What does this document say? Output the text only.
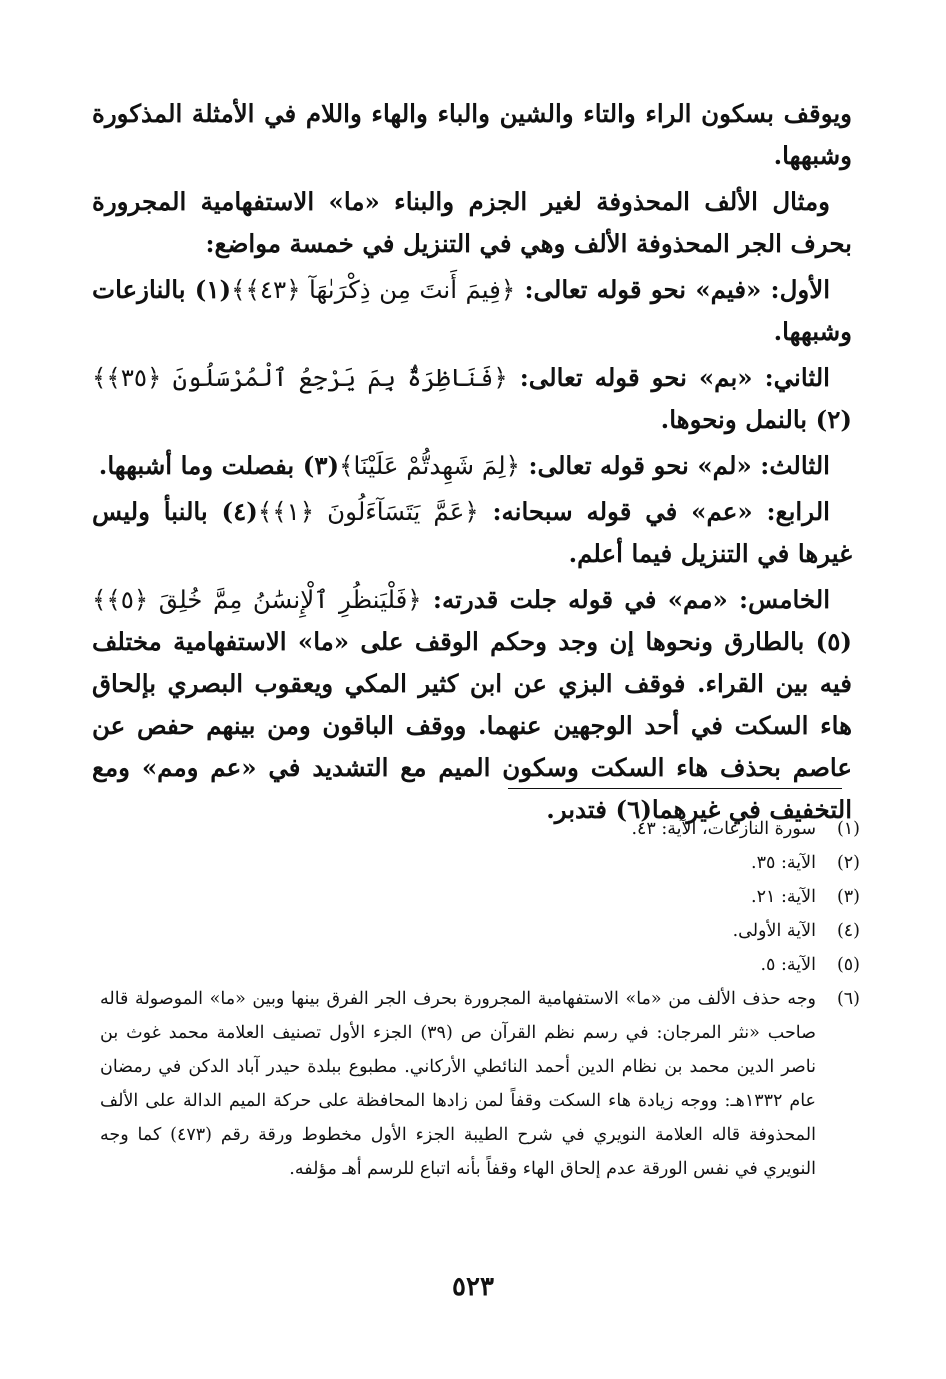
ويوقف بسكون الراء والتاء والشين والباء والهاء واللام في الأمثلة المذكورة وشبهها.

ومثال الألف المحذوفة لغير الجزم والبناء «ما» الاستفهامية المجرورة بحرف الجر المحذوفة الألف وهي في التنزيل في خمسة مواضع:

الأول: «فيم» نحو قوله تعالى: ﴿فِيمَ أَنتَ مِن ذِكْرَىٰهَآ ﴿٤٣﴾﴾(١) بالنازعات وشبهها.

الثاني: «بم» نحو قوله تعالى: ﴿فَنَاظِرَةٌۢ بِمَ يَرْجِعُ ٱلْمُرْسَلُونَ ﴿٣٥﴾﴾(٢) بالنمل ونحوها.

الثالث: «لم» نحو قوله تعالى: ﴿لِمَ شَهِدتُّمْ عَلَيْنَا﴾(٣) بفصلت وما أشبهها.

الرابع: «عم» في قوله سبحانه: ﴿عَمَّ يَتَسَآءَلُونَ ﴿١﴾﴾(٤) بالنبأ وليس غيرها في التنزيل فيما أعلم.

الخامس: «مم» في قوله جلت قدرته: ﴿فَلْيَنظُرِ ٱلْإِنسَٰنُ مِمَّ خُلِقَ ﴿٥﴾﴾(٥) بالطارق ونحوها إن وجد وحكم الوقف على «ما» الاستفهامية مختلف فيه بين القراء. فوقف البزي عن ابن كثير المكي ويعقوب البصري بإلحاق هاء السكت في أحد الوجهين عنهما. ووقف الباقون ومن بينهم حفص عن عاصم بحذف هاء السكت وسكون الميم مع التشديد في «عم ومم» ومع التخفيف في غيرهما(٦) فتدبر.

(١)
سورة النازعات، الآية: ٤٣.
(٢)
الآية: ٣٥.
(٣)
الآية: ٢١.
(٤)
الآية الأولى.
(٥)
الآية: ٥.
(٦)
وجه حذف الألف من «ما» الاستفهامية المجرورة بحرف الجر الفرق بينها وبين «ما» الموصولة قاله صاحب «نثر المرجان: في رسم نظم القرآن ص (٣٩) الجزء الأول تصنيف العلامة محمد غوث بن ناصر الدين محمد بن نظام الدين أحمد النائطي الأركاني. مطبوع ببلدة حيدر آباد الدكن في رمضان عام ١٣٣٢هـ: ووجه زيادة هاء السكت وقفاً لمن زادها المحافظة على حركة الميم الدالة على الألف المحذوفة قاله العلامة النويري في شرح الطيبة الجزء الأول مخطوط ورقة رقم (٤٧٣) كما وجه النويري في نفس الورقة عدم إلحاق الهاء وقفاً بأنه اتباع للرسم أهـ مؤلفه.
٥٢٣
